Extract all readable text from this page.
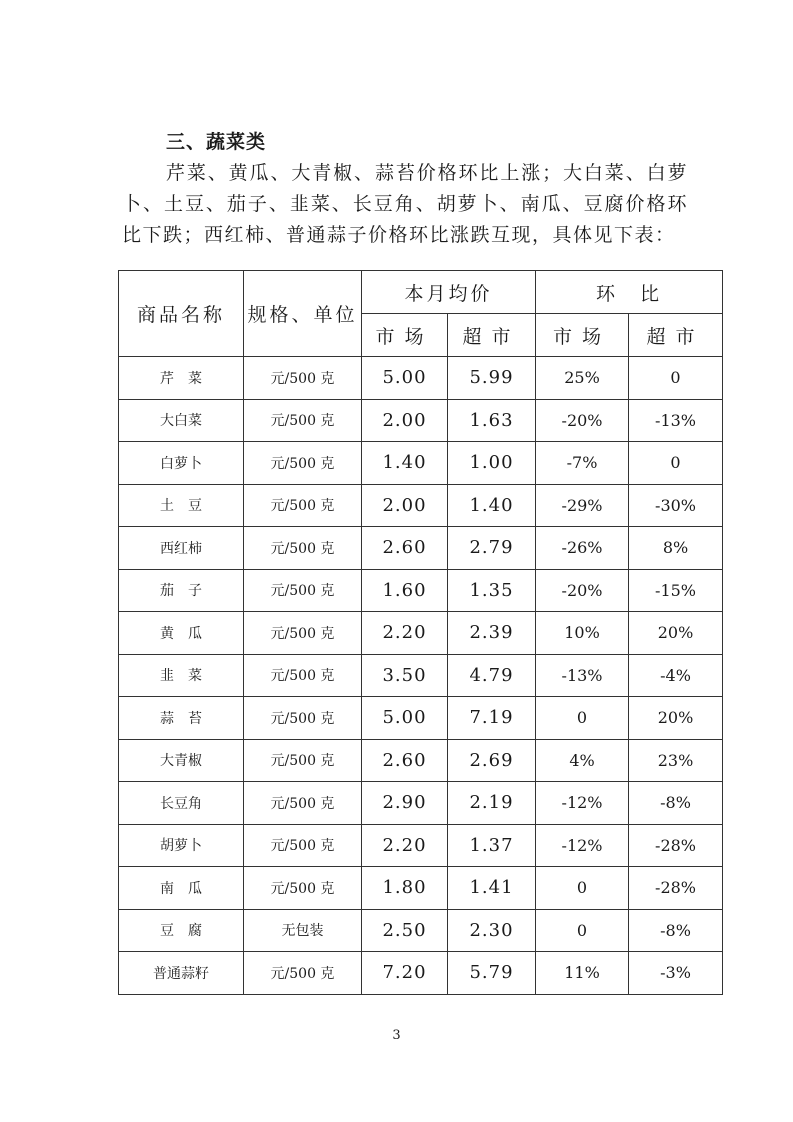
三、蔬菜类
芹菜、黄瓜、大青椒、蒜苔价格环比上涨；大白菜、白萝卜、土豆、茄子、韭菜、长豆角、胡萝卜、南瓜、豆腐价格环比下跌；西红柿、普通蒜子价格环比涨跌互现，具体见下表：
商品名称	规格、单位	本月均价		环　比	
		市场	超市	市场	超市
芹　菜	元/500 克	5.00	5.99	25%	0
大白菜	元/500 克	2.00	1.63	-20%	-13%
白萝卜	元/500 克	1.40	1.00	-7%	0
土　豆	元/500 克	2.00	1.40	-29%	-30%
西红柿	元/500 克	2.60	2.79	-26%	8%
茄　子	元/500 克	1.60	1.35	-20%	-15%
黄　瓜	元/500 克	2.20	2.39	10%	20%
韭　菜	元/500 克	3.50	4.79	-13%	-4%
蒜　苔	元/500 克	5.00	7.19	0	20%
大青椒	元/500 克	2.60	2.69	4%	23%
长豆角	元/500 克	2.90	2.19	-12%	-8%
胡萝卜	元/500 克	2.20	1.37	-12%	-28%
南　瓜	元/500 克	1.80	1.41	0	-28%
豆　腐	无包装	2.50	2.30	0	-8%
普通蒜籽	元/500 克	7.20	5.79	11%	-3%
3
